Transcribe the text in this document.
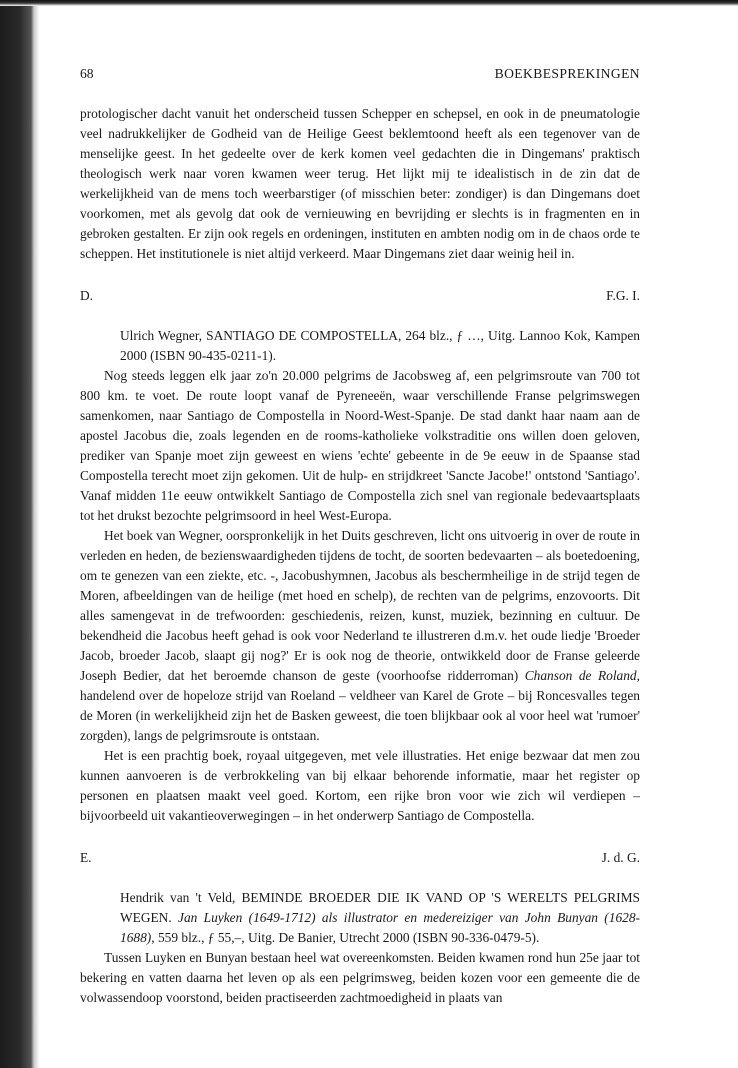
68	BOEKBESPREKINGEN

protologischer dacht vanuit het onderscheid tussen Schepper en schepsel, en ook in de pneumatologie veel nadrukkelijker de Godheid van de Heilige Geest beklemtoond heeft als een tegenover van de menselijke geest. In het gedeelte over de kerk komen veel gedachten die in Dingemans' praktisch theologisch werk naar voren kwamen weer terug. Het lijkt mij te idealistisch in de zin dat de werkelijkheid van de mens toch weerbarstiger (of misschien beter: zondiger) is dan Dingemans doet voorkomen, met als gevolg dat ook de vernieuwing en bevrijding er slechts is in fragmenten en in gebroken gestalten. Er zijn ook regels en ordeningen, instituten en ambten nodig om in de chaos orde te scheppen. Het institutionele is niet altijd verkeerd. Maar Dingemans ziet daar weinig heil in.

D.	F.G. I.

Ulrich Wegner, SANTIAGO DE COMPOSTELLA, 264 blz., ƒ …, Uitg. Lannoo Kok, Kampen 2000 (ISBN 90-435-0211-1).

Nog steeds leggen elk jaar zo'n 20.000 pelgrims de Jacobsweg af, een pelgrimsroute van 700 tot 800 km. te voet. De route loopt vanaf de Pyreneeën, waar verschillende Franse pelgrimswegen samenkomen, naar Santiago de Compostella in Noord-West-Spanje. De stad dankt haar naam aan de apostel Jacobus die, zoals legenden en de rooms-katholieke volkstraditie ons willen doen geloven, prediker van Spanje moet zijn geweest en wiens 'echte' gebeente in de 9e eeuw in de Spaanse stad Compostella terecht moet zijn gekomen. Uit de hulp- en strijdkreet 'Sancte Jacobe!' ontstond 'Santiago'. Vanaf midden 11e eeuw ontwikkelt Santiago de Compostella zich snel van regionale bedevaartsplaats tot het drukst bezochte pelgrimsoord in heel West-Europa.

Het boek van Wegner, oorspronkelijk in het Duits geschreven, licht ons uitvoerig in over de route in verleden en heden, de bezienswaardigheden tijdens de tocht, de soorten bedevaarten – als boetedoening, om te genezen van een ziekte, etc. -, Jacobushymnen, Jacobus als beschermheilige in de strijd tegen de Moren, afbeeldingen van de heilige (met hoed en schelp), de rechten van de pelgrims, enzovoorts. Dit alles samengevat in de trefwoorden: geschiedenis, reizen, kunst, muziek, bezinning en cultuur. De bekendheid die Jacobus heeft gehad is ook voor Nederland te illustreren d.m.v. het oude liedje 'Broeder Jacob, broeder Jacob, slaapt gij nog?' Er is ook nog de theorie, ontwikkeld door de Franse geleerde Joseph Bedier, dat het beroemde chanson de geste (voorhoofse ridderroman) Chanson de Roland, handelend over de hopeloze strijd van Roeland – veldheer van Karel de Grote – bij Roncesvalles tegen de Moren (in werkelijkheid zijn het de Basken geweest, die toen blijkbaar ook al voor heel wat 'rumoer' zorgden), langs de pelgrimsroute is ontstaan.

Het is een prachtig boek, royaal uitgegeven, met vele illustraties. Het enige bezwaar dat men zou kunnen aanvoeren is de verbrokkeling van bij elkaar behorende informatie, maar het register op personen en plaatsen maakt veel goed. Kortom, een rijke bron voor wie zich wil verdiepen – bijvoorbeeld uit vakantieoverwegingen – in het onderwerp Santiago de Compostella.

E.	J. d. G.

Hendrik van 't Veld, BEMINDE BROEDER DIE IK VAND OP 'S WERELTS PELGRIMS WEGEN. Jan Luyken (1649-1712) als illustrator en medereiziger van John Bunyan (1628-1688), 559 blz., ƒ 55,–, Uitg. De Banier, Utrecht 2000 (ISBN 90-336-0479-5).

Tussen Luyken en Bunyan bestaan heel wat overeenkomsten. Beiden kwamen rond hun 25e jaar tot bekering en vatten daarna het leven op als een pelgrimsweg, beiden kozen voor een gemeente die de volwassendoop voorstond, beiden practiseerden zachtmoedigheid in plaats van
